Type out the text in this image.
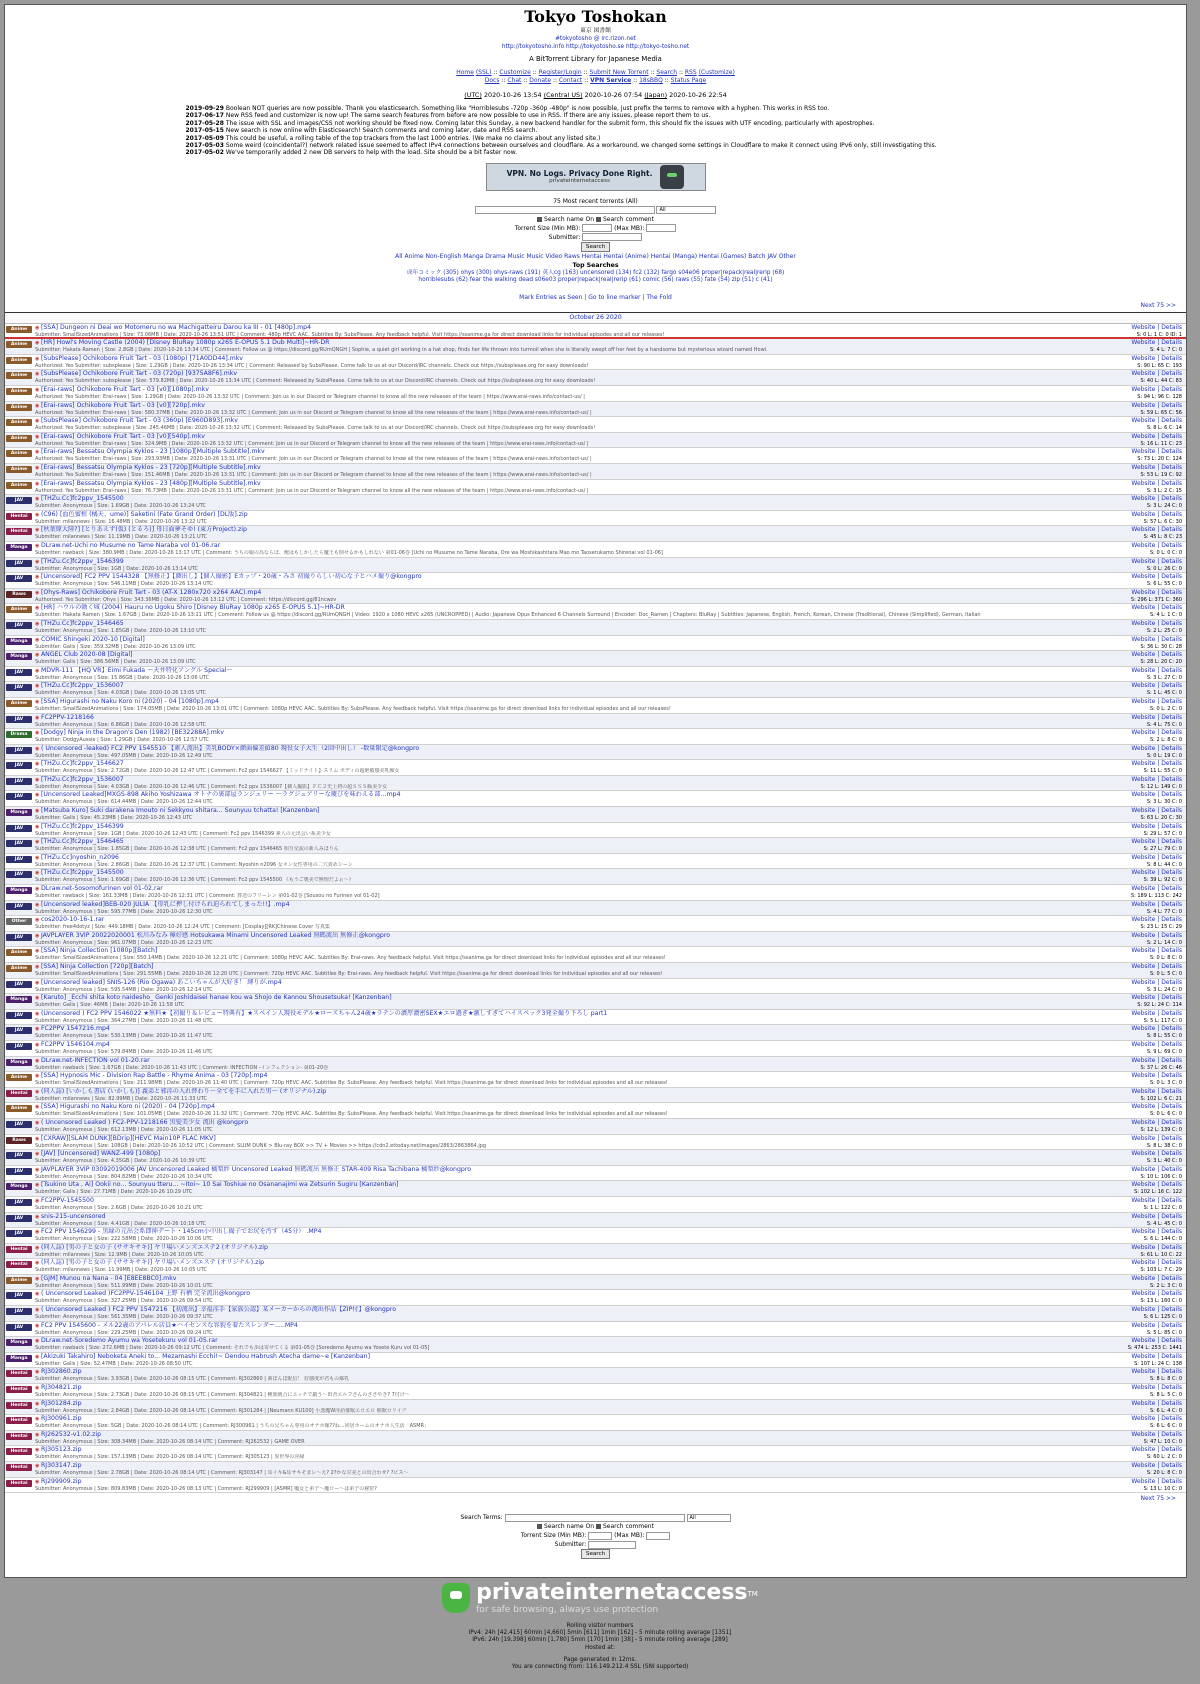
Tokyo Toshokan
東京 図書館
#tokyotosho @ irc.rizon.net
http://tokyotosho.info http://tokyotosho.se http://tokyo-tosho.net
A BitTorrent Library for Japanese Media
Home (SSL) :: Customize :: Register/Login :: Submit New Torrent :: Search :: RSS (Customize)
Docs :: Chat :: Donate :: Contact :: VPN Service :: 18sBBQ :: Status Page
(UTC) 2020-10-26 13:54 (Central US) 2020-10-26 07:54 (Japan) 2020-10-26 22:54
2019-09-29 Boolean NOT queries are now possible. Thank you elasticsearch. Something like "Horriblesubs -720p -360p -480p" is now possible, just prefix the terms to remove with a hyphen. This works in RSS too.
2017-06-17 New RSS feed and customizer is now up! The same search features from before are now possible to use in RSS. If there are any issues, please report them to us.
2017-05-28 The issue with SSL and images/CSS not working should be fixed now. Coming later this Sunday, a new backend handler for the submit form, this should fix the issues with UTF encoding, particularly with apostrophes.
2017-05-15 New search is now online with Elasticsearch! Search comments and coming later, date and RSS search.
2017-05-09 This could be useful, a rolling table of the top trackers from the last 1000 entries. (We make no claims about any listed site.)
2017-05-03 Some weird (coincidental?) network related issue seemed to affect IPv4 connections between ourselves and cloudflare. As a workaround, we changed some settings in Cloudflare to make it connect using IPv6 only, still investigating this.
2017-05-02 We've temporarily added 2 new DB servers to help with the load. Site should be a bit faster now.
VPN. No Logs. Privacy Done Right.
privateinternetaccess
75 Most recent torrents (All)
All
Search name On Search comment
Torrent Size (Min MB):	(Max MB):
Submitter:
Search
All Anime Non-English Manga Drama Music Music Video Raws Hentai Hentai (Anime) Hentai (Manga) Hentai (Games) Batch JAV Other
Top Searches
成年コミック (305) ohys (300) ohys-raws (191) 英人cg (163) uncensored (134) fc2 (132) fargo s04e06 proper|repack|real|rerip (68)
horriblesubs (62) fear the walking dead s06e03 proper|repack|real|rerip (61) comic (56) raws (55) fate (54) zip (51) c (41)
Mark Entries as Seen | Go to line marker | The Fold
Next 75 >>
October 26 2020
Anime	◉ [SSA] Dungeon ni Deai wo Motomeru no wa Machigatteiru Darou ka III - 01 [480p].mp4
Submitter: SmallSizedAnimations | Size: 73.06MB | Date: 2020-10-26 13:51 UTC | Comment: 480p HEVC AAC. Subtitles By: SubsPlease. Any feedback helpful. Visit https://ssanime.ga for direct download links for individual episodes and all our releases!
Website | Details
S: 0 L: 1 C: 0 ID: 1
Anime	◉ [HR] Howl's Moving Castle (2004) [Disney BluRay 1080p x265 E-OPUS 5.1 Dub Multi]~HR-DR
Submitter: Hakata Ramen | Size: 2.8GB | Date: 2020-10-26 13:34 UTC | Comment: Follow us @ https://discord.gg/RUmQNGH | Sophie, a quiet girl working in a hat shop, finds her life thrown into turmoil when she is literally swept off her feet by a handsome but mysterious wizard named Howl.
Website | Details
S: 4 L: 7 C: 0
Anime	◉ [SubsPlease] Ochikobore Fruit Tart - 03 (1080p) [71A0DD44].mkv
Authorized: Yes Submitter: subsplease | Size: 1.29GB | Date: 2020-10-26 13:34 UTC | Comment: Released by SubsPlease. Come talk to us at our Discord/IRC channels. Check out https://subsplease.org for easy downloads!
Website | Details
S: 90 L: 65 C: 193
Anime	◉ [SubsPlease] Ochikobore Fruit Tart - 03 (720p) [9375A8F6].mkv
Authorized: Yes Submitter: subsplease | Size: 579.82MB | Date: 2020-10-26 13:34 UTC | Comment: Released by SubsPlease. Come talk to us at our Discord/IRC channels. Check out https://subsplease.org for easy downloads!
Website | Details
S: 40 L: 44 C: 83
Anime	◉ [Erai-raws] Ochikobore Fruit Tart - 03 [v0][1080p].mkv
Authorized: Yes Submitter: Erai-raws | Size: 1.29GB | Date: 2020-10-26 13:32 UTC | Comment: Join us in our Discord or Telegram channel to know all the new releases of the team | https://www.erai-raws.info/contact-us/ |
Website | Details
S: 94 L: 96 C: 128
Anime	◉ [Erai-raws] Ochikobore Fruit Tart - 03 [v0][720p].mkv
Authorized: Yes Submitter: Erai-raws | Size: 580.37MB | Date: 2020-10-26 13:32 UTC | Comment: Join us in our Discord or Telegram channel to know all the new releases of the team | https://www.erai-raws.info/contact-us/ |
Website | Details
S: 59 L: 65 C: 56
Anime	◉ [SubsPlease] Ochikobore Fruit Tart - 03 (360p) [E960D893].mkv
Authorized: Yes Submitter: subsplease | Size: 245.46MB | Date: 2020-10-26 13:32 UTC | Comment: Released by SubsPlease. Come talk to us at our Discord/IRC channels. Check out https://subsplease.org for easy downloads!
Website | Details
S: 8 L: 6 C: 14
Anime	◉ [Erai-raws] Ochikobore Fruit Tart - 03 [v0][540p].mkv
Authorized: Yes Submitter: Erai-raws | Size: 324.9MB | Date: 2020-10-26 13:32 UTC | Comment: Join us in our Discord or Telegram channel to know all the new releases of the team | https://www.erai-raws.info/contact-us/ |
Website | Details
S: 16 L: 11 C: 23
Anime	◉ [Erai-raws] Bessatsu Olympia Kyklos - 23 [1080p][Multiple Subtitle].mkv
Authorized: Yes Submitter: Erai-raws | Size: 293.93MB | Date: 2020-10-26 13:31 UTC | Comment: Join us in our Discord or Telegram channel to know all the new releases of the team | https://www.erai-raws.info/contact-us/ |
Website | Details
S: 73 L: 20 C: 124
Anime	◉ [Erai-raws] Bessatsu Olympia Kyklos - 23 [720p][Multiple Subtitle].mkv
Authorized: Yes Submitter: Erai-raws | Size: 151.46MB | Date: 2020-10-26 13:31 UTC | Comment: Join us in our Discord or Telegram channel to know all the new releases of the team | https://www.erai-raws.info/contact-us/ |
Website | Details
S: 53 L: 19 C: 92
Anime	◉ [Erai-raws] Bessatsu Olympia Kyklos - 23 [480p][Multiple Subtitle].mkv
Authorized: Yes Submitter: Erai-raws | Size: 76.73MB | Date: 2020-10-26 13:31 UTC | Comment: Join us in our Discord or Telegram channel to know all the new releases of the team | https://www.erai-raws.info/contact-us/ |
Website | Details
S: 3 L: 2 C: 15
JAV	◉ [THZu.Cc]fc2ppv_1545500
Submitter: Anonymous | Size: 1.69GB | Date: 2020-10-26 13:24 UTC
Website | Details
S: 3 L: 24 C: 0
Hentai	◉ (C96) [血色蜜柑 (橘天、ume)] Saketini (Fate Grand Order) [DL版].zip
Submitter: milannews | Size: 16.48MB | Date: 2020-10-26 13:22 UTC
Website | Details
S: 57 L: 6 C: 30
Hentai	◉ [秋葉原大陸?] [とりあえず(仮) (とるろ)] 母日面夢そゆ! (東方Project).zip
Submitter: milannews | Size: 11.19MB | Date: 2020-10-26 13:21 UTC
Website | Details
S: 45 L: 8 C: 23
Manga	◉ DLraw.net-Uchi no Musume no Tame Naraba vol 01-06.rar
Submitter: rawback | Size: 380.9MB | Date: 2020-10-26 13:17 UTC | Comment: うちの娘の為ならば、俺はもしかしたら魔王も倒せるかもしれない 第01-06巻 [Uchi no Musume no Tame Naraba, Ore wa Moshikashitara Mao mo Taoserukamo Shirenai vol 01-06]
Website | Details
S: 0 L: 0 C: 0
JAV	◉ [THZu.Cc]fc2ppv_1546399
Submitter: Anonymous | Size: 1GB | Date: 2020-10-26 13:14 UTC
Website | Details
S: 0 L: 26 C: 0
JAV	◉ [Uncensored] FC2 PPV 1544328 【無修正】【顔出し】【個人撮影】Eカップ・20歳・みさ 初撮りらしい初心な子とハメ撮り@kongpro
Submitter: Anonymous | Size: 546.11MB | Date: 2020-10-26 13:14 UTC
Website | Details
S: 6 L: 55 C: 0
Raws	◉ [Ohys-Raws] Ochikobore Fruit Tart - 03 (AT-X 1280x720 x264 AAC).mp4
Authorized: Yes Submitter: Ohys | Size: 343.36MB | Date: 2020-10-26 13:12 UTC | Comment: https://discord.gg/81ncwzv
Website | Details
S: 296 L: 371 C: 360
Anime	◉ [HR] ハウルの動く城 (2004) Hauru no Ugoku Shiro [Disney BluRay 1080p x265 E-OPUS 5.1]~HR-DR
Submitter: Hakata Ramen | Size: 1.67GB | Date: 2020-10-26 13:11 UTC | Comment: Follow us @ https://discord.gg/RUmQNGH | Video: 1920 x 1080 HEVC x265 (UNCROPPED) | Audio: Japanese Opus Enhanced 6 Channels Surround | Encoder: Doc_Ramen | Chapters: BluRay | Subtitles: Japanese, English, French, Korean, Chinese (Traditional), Chinese (Simplified), German, Italian
Website | Details
S: 4 L: 1 C: 0
JAV	◉ [THZu.Cc]fc2ppv_1546465
Submitter: Anonymous | Size: 1.85GB | Date: 2020-10-26 13:10 UTC
Website | Details
S: 2 L: 25 C: 0
Manga	◉ COMIC Shingeki 2020-10 [Digital]
Submitter: Galis | Size: 359.32MB | Date: 2020-10-26 13:09 UTC
Website | Details
S: 36 L: 30 C: 28
Manga	◉ ANGEL Club 2020-08 [Digital]
Submitter: Galis | Size: 386.56MB | Date: 2020-10-26 13:09 UTC
Website | Details
S: 28 L: 20 C: 20
JAV	◉ MDVR-111 【HQ VR】Eimi Fukada ～天井特化アングル Special～
Submitter: Anonymous | Size: 15.86GB | Date: 2020-10-26 13:06 UTC
Website | Details
S: 3 L: 27 C: 0
JAV	◉ [THZu.Cc]fc2ppv_1536007
Submitter: Anonymous | Size: 4.03GB | Date: 2020-10-26 13:05 UTC
Website | Details
S: 1 L: 45 C: 0
Anime	◉ [SSA] Higurashi no Naku Koro ni (2020) - 04 [1080p].mp4
Submitter: SmallSizedAnimations | Size: 174.05MB | Date: 2020-10-26 13:01 UTC | Comment: 1080p HEVC AAC. Subtitles By: SubsPlease. Any feedback helpful. Visit https://ssanime.ga for direct download links for individual episodes and all our releases!
Website | Details
S: 0 L: 2 C: 0
JAV	◉ FC2PPV-1218166
Submitter: Anonymous | Size: 6.86GB | Date: 2020-10-26 12:58 UTC
Website | Details
S: 4 L: 75 C: 0
Drama	◉ [Dodgy] Ninja in the Dragon's Den (1982) [BE32288A].mkv
Submitter: DodgyAussie | Size: 1.29GB | Date: 2020-10-26 12:57 UTC
Website | Details
S: 2 L: 8 C: 0
JAV	◉ ( Uncensored -leaked) FC2 PPV 1545510 【素人流出】美乳BODY×顔面偏差値80 現役女子大生（2回中出し） -数量限定@kongpro
Submitter: Anonymous | Size: 497.05MB | Date: 2020-10-26 12:49 UTC
Website | Details
S: 0 L: 19 C: 0
JAV	◉ [THZu.Cc]fc2ppv_1546627
Submitter: Anonymous | Size: 2.72GB | Date: 2020-10-26 12:47 UTC | Comment: Fc2 ppv 1546627 【ミッドナイト】スリム ボディの超絶敏感美乳痴女
Website | Details
S: 11 L: 55 C: 0
JAV	◉ [THZu.Cc]fc2ppv_1536007
Submitter: Anonymous | Size: 4.03GB | Date: 2020-10-26 12:46 UTC | Comment: Fc2 ppv 1536007【個人撮影】ＦＣ２史上初の超ＳＳＳ級美少女
Website | Details
S: 12 L: 149 C: 0
JAV	◉ [Uncensored Leaked]MXGS-898 Akiho Yoshizawa オトナの裏部屋ランジェリー ～ラグジュアリーな慶びを味わえる部…mp4
Submitter: Anonymous | Size: 614.44MB | Date: 2020-10-26 12:44 UTC
Website | Details
S: 3 L: 30 C: 0
Manga	◉ [Matsuba Kuro] Suki darakena Imouto ni Sekkyou shitara... Sounyuu tchatta! [Kanzenban]
Submitter: Galis | Size: 45.23MB | Date: 2020-10-26 12:43 UTC
Website | Details
S: 63 L: 20 C: 30
JAV	◉ [THZu.Cc]fc2ppv_1546399
Submitter: Anonymous | Size: 1GB | Date: 2020-10-26 12:43 UTC | Comment: Fc2 ppv 1546399 素人の元出会い系美少女
Website | Details
S: 29 L: 57 C: 0
JAV	◉ [THZu.Cc]fc2ppv_1546465
Submitter: Anonymous | Size: 1.85GB | Date: 2020-10-26 12:38 UTC | Comment: Fc2 ppv 1546465 相互交流の新人みほりん
Website | Details
S: 27 L: 79 C: 0
JAV	◉ [THZu.Cc]nyoshin_n2096
Submitter: Anonymous | Size: 2.86GB | Date: 2020-10-26 12:37 UTC | Comment: Nyoshin n2096 女々ン女性専用の二穴責めシーン
Website | Details
S: 8 L: 44 C: 0
JAV	◉ [THZu.Cc]fc2ppv_1545500
Submitter: Anonymous | Size: 1.69GB | Date: 2020-10-26 12:36 UTC | Comment: Fc2 ppv 1545500 《もうご褒美で無理だよぉ～》
Website | Details
S: 39 L: 92 C: 0
Manga	◉ DLraw.net-Sosomofurinen vol 01-02.rar
Submitter: rawback | Size: 161.33MB | Date: 2020-10-26 12:31 UTC | Comment: 葬送のフリーレン 第01-02巻 [Sousou no Furinen vol 01-02]
Website | Details
S: 189 L: 113 C: 242
JAV	◉ [Uncensored leaked]BEB-020 JULIA 【母乳に押し付けられ迫られてしまった!!】.mp4
Submitter: Anonymous | Size: 595.77MB | Date: 2020-10-26 12:30 UTC
Website | Details
S: 4 L: 77 C: 0
Other	◉ cos2020-10-16-1.rar
Submitter: free4dotyz | Size: 449.18MB | Date: 2020-10-26 12:24 UTC | Comment: [Cosplay][RK]Chinese Cover 写真集
Website | Details
S: 23 L: 15 C: 29
JAV	◉ JAVPLAYER 3VIP 20022020001 松川みなみ 極好感 Hotsukawa Minami Uncensored Leaked 無碼流出 無修正@kongpro
Submitter: Anonymous | Size: 961.07MB | Date: 2020-10-26 12:23 UTC
Website | Details
S: 2 L: 14 C: 0
Anime	◉ [SSA] Ninja Collection [1080p][Batch]
Submitter: SmallSizedAnimations | Size: 550.14MB | Date: 2020-10-26 12:21 UTC | Comment: 1080p HEVC AAC. Subtitles By: Erai-raws. Any feedback helpful. Visit https://ssanime.ga for direct download links for individual episodes and all our releases!
Website | Details
S: 0 L: 8 C: 0
Anime	◉ [SSA] Ninja Collection [720p][Batch]
Submitter: SmallSizedAnimations | Size: 291.55MB | Date: 2020-10-26 12:20 UTC | Comment: 720p HEVC AAC. Subtitles By: Erai-raws. Any feedback helpful. Visit https://ssanime.ga for direct download links for individual episodes and all our releases!
Website | Details
S: 0 L: 5 C: 0
JAV	◉ [Uncensored leaked] SNIS-126 (Rio Ogawa) あこいちゃんが大好き！ 縛りが.mp4
Submitter: Anonymous | Size: 595.54MB | Date: 2020-10-26 12:14 UTC
Website | Details
S: 3 L: 24 C: 0
Manga	◉ [Karuto] _Ecchi shita koto naidesho_ Genki Joshidaisei hanae kou wa Shojo de Kannou Shousetsuka! [Kanzenban]
Submitter: Galis | Size: 46MB | Date: 2020-10-26 11:58 UTC
Website | Details
S: 92 L: 24 C: 114
JAV	◉ (Uncensored ) FC2 PPV 1546022 ★無料★【初撮り＆レビュー特典有】★スペイン人現役モデル★ローズちゃん24歳★ラテンの濃厚濃密SEX★エロ過ぎ★激しすぎてハイスペック3発全撮り下ろし part1
Submitter: Anonymous | Size: 364.27MB | Date: 2020-10-26 11:48 UTC
Website | Details
S: 5 L: 117 C: 0
JAV	◉ FC2PPV 1547216.mp4
Submitter: Anonymous | Size: 530.13MB | Date: 2020-10-26 11:47 UTC
Website | Details
S: 8 L: 55 C: 0
JAV	◉ FC2PPV 1546104.mp4
Submitter: Anonymous | Size: 579.84MB | Date: 2020-10-26 11:46 UTC
Website | Details
S: 9 L: 69 C: 0
Manga	◉ DLraw.net-INFECTION vol 01-20.rar
Submitter: rawback | Size: 1.67GB | Date: 2020-10-26 11:43 UTC | Comment: INFECTION -インフェクション- 第01-20巻
Website | Details
S: 37 L: 26 C: 46
Anime	◉ [SSA] Hypnosis Mic - Division Rap Battle - Rhyme Anima - 03 [720p].mp4
Submitter: SmallSizedAnimations | Size: 211.98MB | Date: 2020-10-26 11:40 UTC | Comment: 720p HEVC AAC. Subtitles By: SubsPlease. Any feedback helpful. Visit https://ssanime.ga for direct download links for individual episodes and all our releases!
Website | Details
S: 0 L: 3 C: 0
Hentai	◉ (同人誌) [いかしも書店 (いかしも)] 義弟と邪淫の入れ替わり～全てを手に入れた男～ (オリジナル).zip
Submitter: milannews | Size: 82.99MB | Date: 2020-10-26 11:33 UTC
Website | Details
S: 102 L: 6 C: 21
Anime	◉ [SSA] Higurashi no Naku Koro ni (2020) - 04 [720p].mp4
Submitter: SmallSizedAnimations | Size: 101.05MB | Date: 2020-10-26 11:32 UTC | Comment: 720p HEVC AAC. Subtitles By: SubsPlease. Any feedback helpful. Visit https://ssanime.ga for direct download links for individual episodes and all our releases!
Website | Details
S: 0 L: 6 C: 0
JAV	◉ ( Uncensored Leaked ) FC2-PPV-1218166 黒髪美少女 流出 @kongpro
Submitter: Anonymous | Size: 612.13MB | Date: 2020-10-26 11:05 UTC
Website | Details
S: 12 L: 139 C: 0
Raws	◉ [CXRAW][SLAM DUNK][BDrip][HEVC Main10P FLAC MKV]
Submitter: Anonymous | Size: 108GB | Date: 2020-10-26 10:52 UTC | Comment: SLUM DUNK > Blu-ray BOX >> TV + Movies >> https://cdn2.ettoday.net/images/2863/2863864.jpg
Website | Details
S: 8 L: 38 C: 0
JAV	◉ [JAV] [Uncensored] WANZ-499 [1080p]
Submitter: Anonymous | Size: 4.35GB | Date: 2020-10-26 10:39 UTC
Website | Details
S: 3 L: 40 C: 0
JAV	◉ JAVPLAYER 3VIP 03092019006 JAV Uncensored Leaked 橘梨紗 Uncensored Leaked 無碼流出 無修正 STAR-409 Risa Tachibana 橘梨紗@kongpro
Submitter: Anonymous | Size: 804.82MB | Date: 2020-10-26 10:34 UTC
Website | Details
S: 10 L: 106 C: 0
Manga	◉ [Tsukino Uta , Ai] Ookii no... Sounyuu tteru... ~Itoi~ 10 Sai Toshiue no Osananajimi wa Zetsurin Sugiru [Kanzenban]
Submitter: Galis | Size: 27.71MB | Date: 2020-10-26 10:29 UTC
Website | Details
S: 102 L: 16 C: 122
JAV	◉ FC2PPV-1545500
Submitter: Anonymous | Size: 2.6GB | Date: 2020-10-26 10:21 UTC
Website | Details
S: 1 L: 122 C: 0
JAV	◉ snis-215-uncensored
Submitter: Anonymous | Size: 4.41GB | Date: 2020-10-26 10:18 UTC
Website | Details
S: 4 L: 45 C: 0
JAV	◉ FC2 PPV 1546299 - 黒縁の元出会系即挿デート・145cm小中出し撮子でお尻を汚す（45分） .MP4
Submitter: Anonymous | Size: 222.58MB | Date: 2020-10-26 10:06 UTC
Website | Details
S: 6 L: 144 C: 0
Hentai	◉ (同人誌) [男の子と女の子 (ササキサキ)] ヤリ場いメンズエステ2 (オリジナル).zip
Submitter: milannews | Size: 12.9MB | Date: 2020-10-26 10:05 UTC
Website | Details
S: 61 L: 10 C: 22
Hentai	◉ (同人誌) [男の子と女の子 (ササキサキ)] ヤリ場いメンズエステ (オリジナル).zip
Submitter: milannews | Size: 11.99MB | Date: 2020-10-26 10:05 UTC
Website | Details
S: 103 L: 7 C: 29
Anime	◉ [GJM] Munou na Nana - 04 [E8EE8BC0].mkv
Submitter: Anonymous | Size: 511.99MB | Date: 2020-10-26 10:01 UTC
Website | Details
S: 2 L: 3 C: 0
JAV	◉ ( Uncensored Leaked )FC2PPV-1546104 上野 有栖 完全流出@kongpro
Submitter: Anonymous | Size: 327.25MB | Date: 2020-10-26 09:54 UTC
Website | Details
S: 13 L: 160 C: 0
JAV	◉ ( Uncensored Leaked ) FC2 PPV 1547216 【初流出】幸福淫手【家族公認】某メーカーからの流出作品【ZIP付】@kongpro
Submitter: Anonymous | Size: 561.35MB | Date: 2020-10-26 09:37 UTC
Website | Details
S: 6 L: 125 C: 0
JAV	◉ FC2 PPV 1545600 - メル22歳のアパレル店員★ハイセンスな容貌を着たスレンダー.....MP4
Submitter: Anonymous | Size: 229.25MB | Date: 2020-10-26 09:24 UTC
Website | Details
S: 5 L: 85 C: 0
Manga	◉ DLraw.net-Soredemo Ayumu wa Yosetekuru vol 01-05.rar
Submitter: rawback | Size: 272.6MB | Date: 2020-10-26 09:12 UTC | Comment: それでも歩は寄せてくる 第01-05巻 [Soredemo Ayumu wa Yosete Kuru vol 01-05]
Website | Details
S: 474 L: 253 C: 1441
Manga	◉ [Akizuki Takahiro] Neboketa Aneki to... Mezamashi Ecchi!~ Dendou Habrush Atecha dame~e [Kanzenban]
Submitter: Galis | Size: 52.47MB | Date: 2020-10-26 08:50 UTC
Website | Details
S: 107 L: 24 C: 138
Hentai	◉ RJ302860.zip
Submitter: Anonymous | Size: 3.93GB | Date: 2020-10-26 08:15 UTC | Comment: RJ302860 | 素ぽんぽ配信！ 好感度が君もの爆乳
Website | Details
S: 8 L: 8 C: 0
Hentai	◉ RJ304821.zip
Submitter: Anonymous | Size: 2.73GB | Date: 2020-10-26 08:15 UTC | Comment: RJ304821 | 種族統合にエッチで鍛う～田舎エルフさんのささやき? 7付け～
Website | Details
S: 8 L: 5 C: 0
Hentai	◉ RJ301284.zip
Submitter: Anonymous | Size: 2.84GB | Date: 2020-10-26 08:14 UTC | Comment: RJ301284 | [Neumann KU100] 小悪魔W淫語催眠エロエロ 催眠ロリイプ
Website | Details
S: 6 L: 4 C: 0
Hentai	◉ RJ300961.zip
Submitter: Anonymous | Size: 5GB | Date: 2020-10-26 08:14 UTC | Comment: RJ300961 | うちの兄ちゃん専用のオナホ嫁??ね...同居ホームのオナホ人生活「ASMR」
Website | Details
S: 6 L: 6 C: 0
Hentai	◉ RJ262532-v1.02.zip
Submitter: Anonymous | Size: 308.34MB | Date: 2020-10-26 08:14 UTC | Comment: RJ262532 | GAME OVER
Website | Details
S: 47 L: 10 C: 0
Hentai	◉ RJ305123.zip
Submitter: Anonymous | Size: 157.13MB | Date: 2020-10-26 08:14 UTC | Comment: RJ305123 | 異世界の淫縁
Website | Details
S: 60 L: 2 C: 0
Hentai	◉ RJ303147.zip
Submitter: Anonymous | Size: 2.78GB | Date: 2020-10-26 08:14 UTC | Comment: RJ303147 | 耳イキ&耳サキそまレ～え? 2?かな甘美との出合わせ? ?ビス～
Website | Details
S: 20 L: 8 C: 0
Hentai	◉ RJ299909.zip
Submitter: Anonymous | Size: 809.83MB | Date: 2020-10-26 08:13 UTC | Comment: RJ299909 | [ASMR] 魔女と弟子～魔ロー～は弟子の秘密?
Website | Details
S: 13 L: 10 C: 0
Next 75 >>
Search Terms:	All
Search name On Search comment
Torrent Size (Min MB):	(Max MB):
Submitter:
Search
privateinternetaccess™
for safe browsing, always use protection
Rolling visitor numbers
IPv4: 24h [42,415] 60min [4,660] 5min [611] 1min [162] - 5 minute rolling average [1351]
IPv6: 24h [19,398] 60min [1,780] 5min [170] 1min [38] - 5 minute rolling average [289]
Hosted at:
Page generated in 12ms.
You are connecting from: 116.149.212.4 SSL (SNI supported)
